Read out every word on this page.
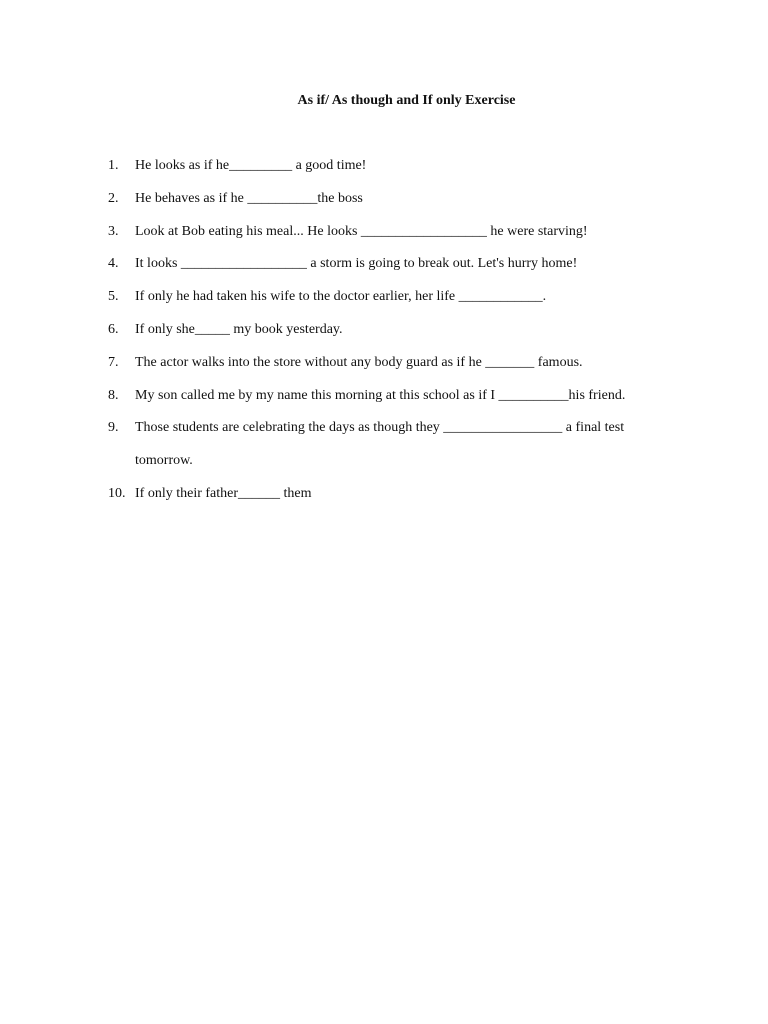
As if/ As though and If only Exercise
1.	He looks as if he_________ a good time!
2.	He behaves as if he __________the boss
3.	Look at Bob eating his meal... He looks __________________ he were starving!
4.	It looks __________________ a storm is going to break out. Let's hurry home!
5.	If only he had taken his wife to the doctor earlier, her life ____________.
6.	If only she_____ my book yesterday.
7.	The actor walks into the store without any body guard as if he _______ famous.
8.	My son called me by my name this morning at this school as if I __________his friend.
9.	Those students are celebrating the days as though they _________________ a final test
tomorrow.
10. If only their father______ them
